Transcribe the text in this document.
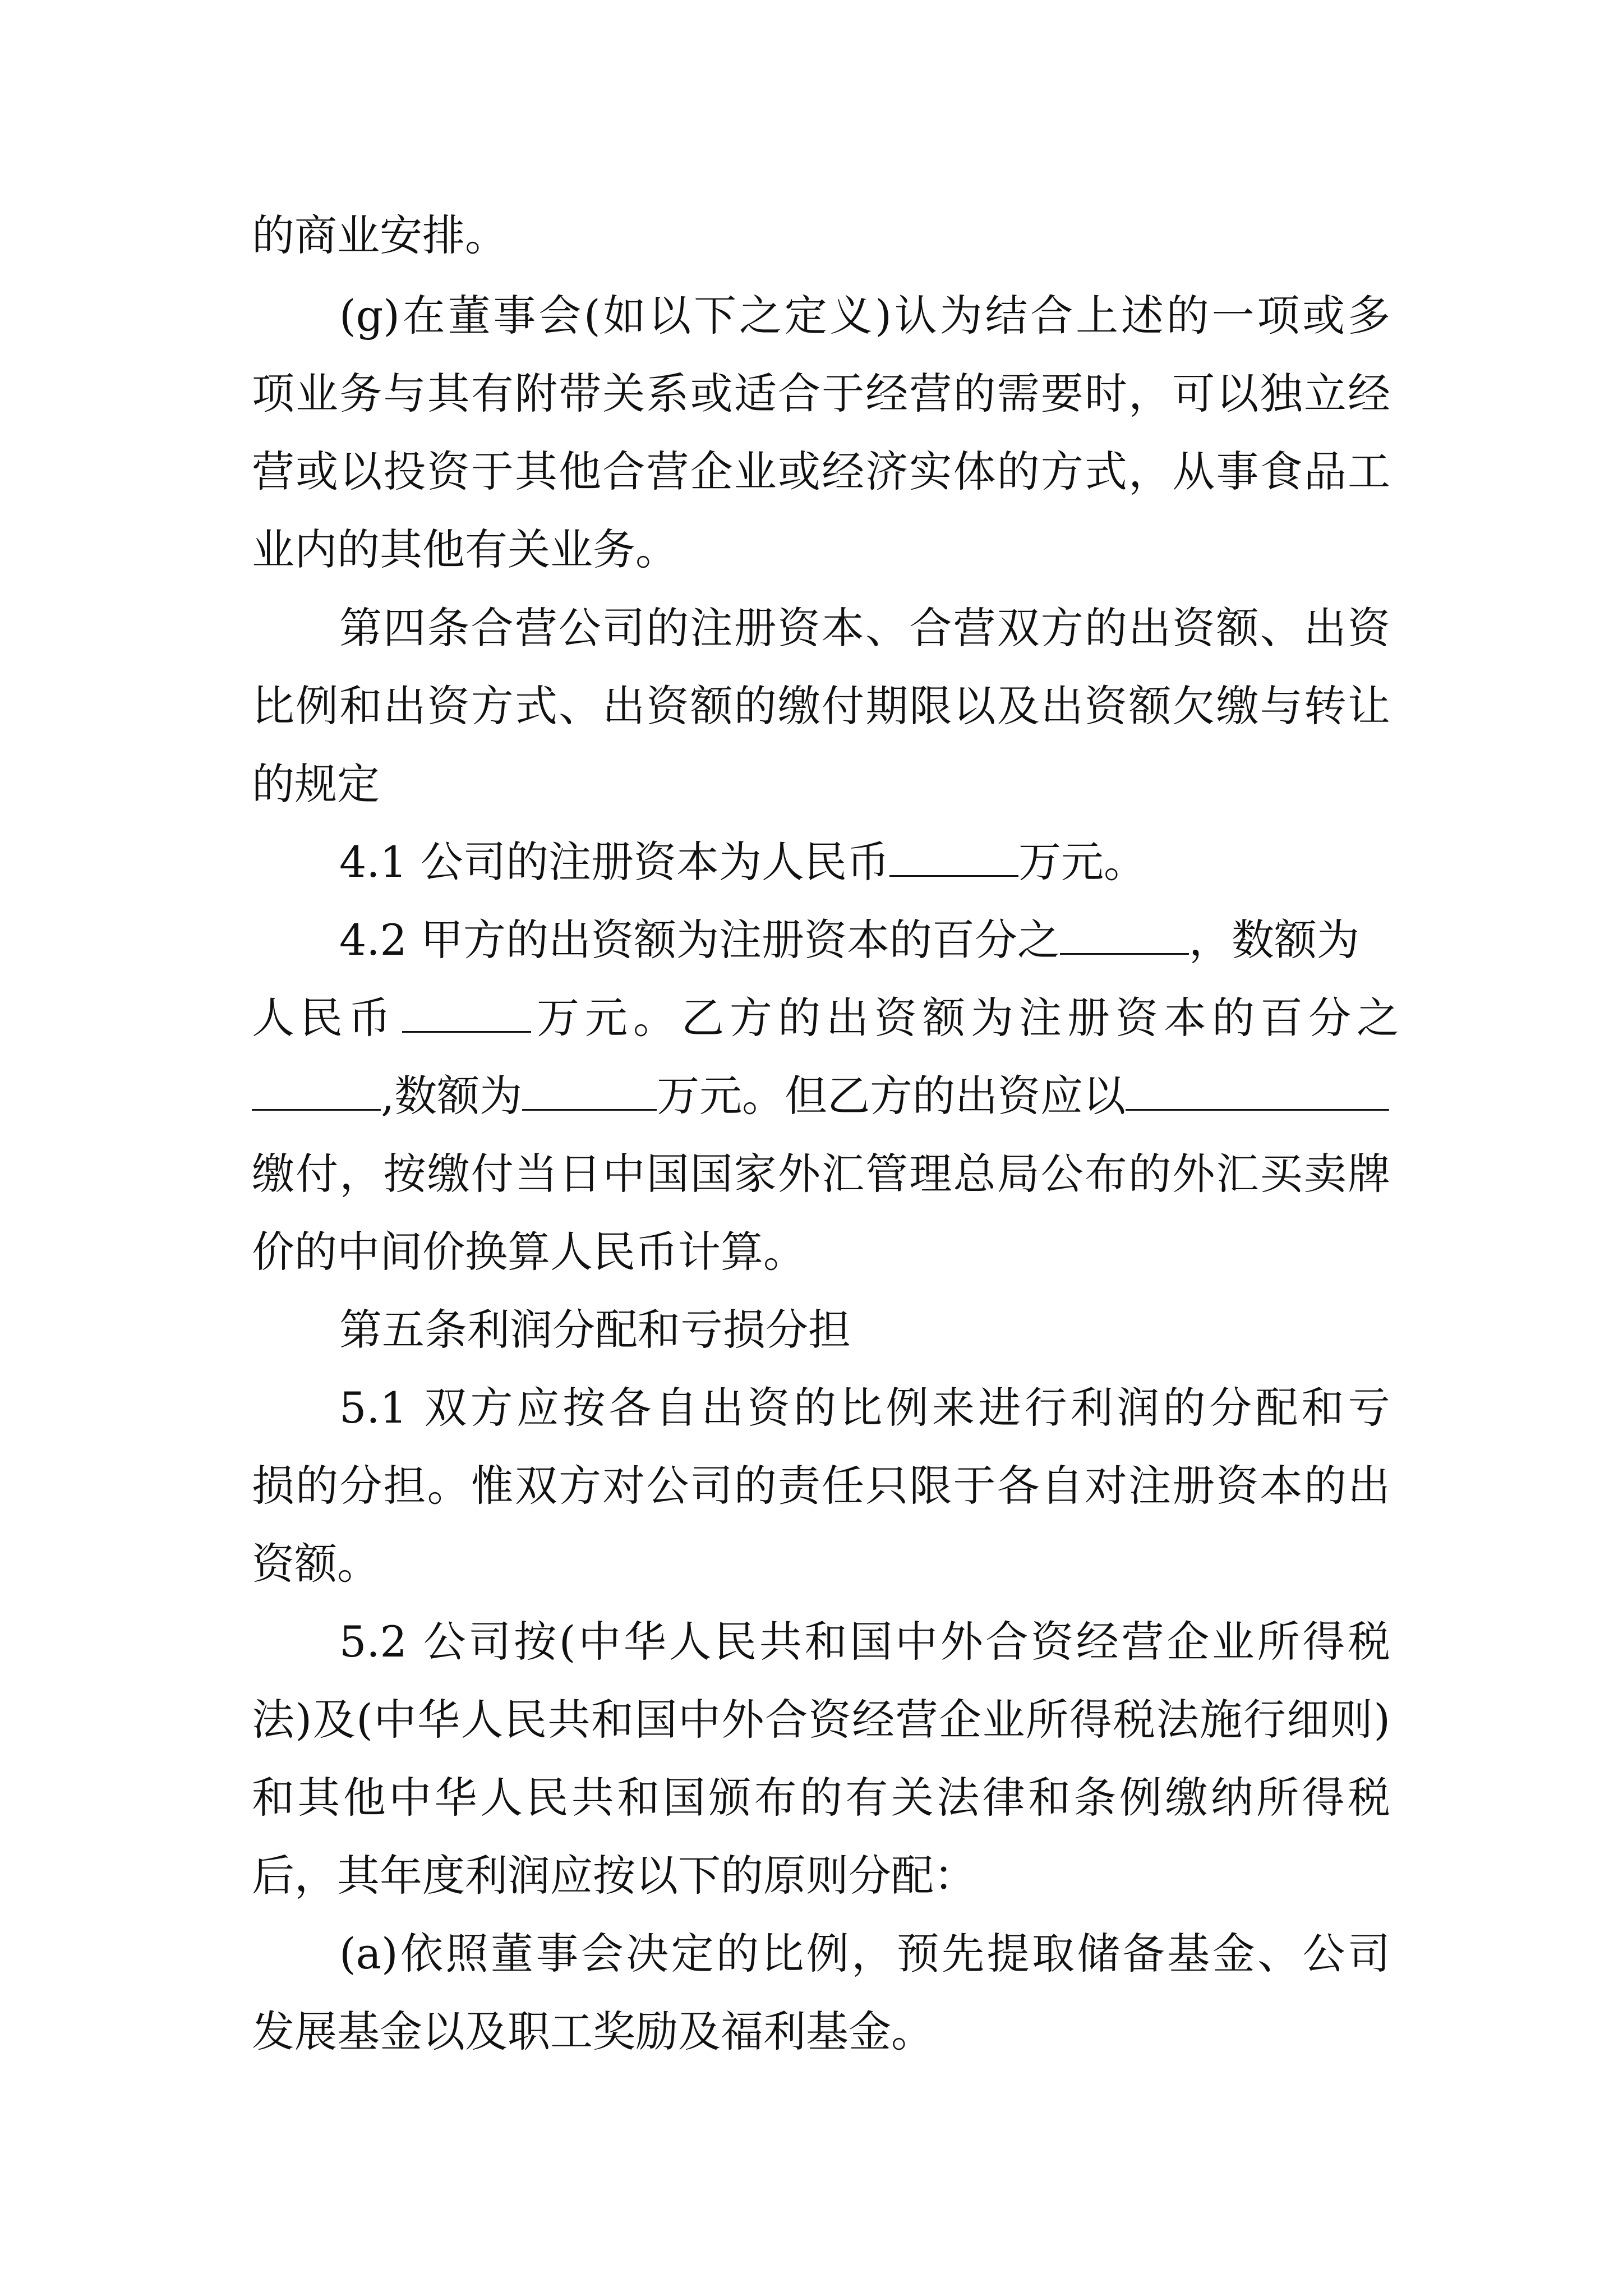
的商业安排。
(g)在董事会(如以下之定义)认为结合上述的一项或多
项业务与其有附带关系或适合于经营的需要时，可以独立经
营或以投资于其他合营企业或经济实体的方式，从事食品工
业内的其他有关业务。
第四条合营公司的注册资本、合营双方的出资额、出资
比例和出资方式、出资额的缴付期限以及出资额欠缴与转让
的规定
4.1 公司的注册资本为人民币	万元。
4.2 甲方的出资额为注册资本的百分之	，数额为
人民币	万元。乙方的出资额为注册资本的百分之
,数额为	万元。但乙方的出资应以
缴付，按缴付当日中国国家外汇管理总局公布的外汇买卖牌
价的中间价换算人民币计算。
第五条利润分配和亏损分担
5.1 双方应按各自出资的比例来进行利润的分配和亏
损的分担。惟双方对公司的责任只限于各自对注册资本的出
资额。
5.2 公司按(中华人民共和国中外合资经营企业所得税
法)及(中华人民共和国中外合资经营企业所得税法施行细则)
和其他中华人民共和国颁布的有关法律和条例缴纳所得税
后，其年度利润应按以下的原则分配：
(a)依照董事会决定的比例，预先提取储备基金、公司
发展基金以及职工奖励及福利基金。
